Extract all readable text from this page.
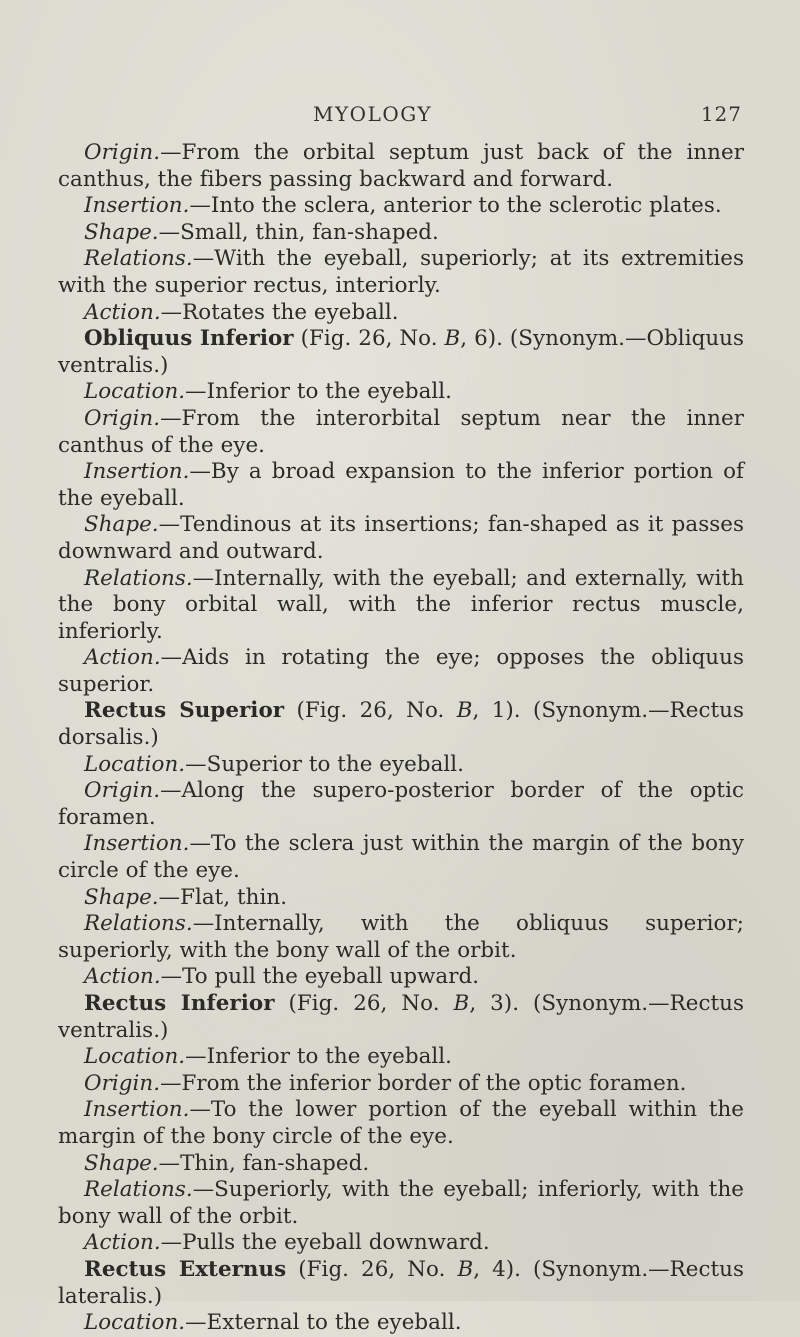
MYOLOGY	127

Origin.—From the orbital septum just back of the inner canthus, the fibers passing backward and forward.

Insertion.—Into the sclera, anterior to the sclerotic plates.

Shape.—Small, thin, fan-shaped.

Relations.—With the eyeball, superiorly; at its extremities with the superior rectus, interiorly.

Action.—Rotates the eyeball.

Obliquus Inferior (Fig. 26, No. B, 6). (Synonym.—Obliquus ventralis.)

Location.—Inferior to the eyeball.

Origin.—From the interorbital septum near the inner canthus of the eye.

Insertion.—By a broad expansion to the inferior portion of the eyeball.

Shape.—Tendinous at its insertions; fan-shaped as it passes downward and outward.

Relations.—Internally, with the eyeball; and externally, with the bony orbital wall, with the inferior rectus muscle, inferiorly.

Action.—Aids in rotating the eye; opposes the obliquus superior.

Rectus Superior (Fig. 26, No. B, 1). (Synonym.—Rectus dorsalis.)

Location.—Superior to the eyeball.

Origin.—Along the supero-posterior border of the optic foramen.

Insertion.—To the sclera just within the margin of the bony circle of the eye.

Shape.—Flat, thin.

Relations.—Internally, with the obliquus superior; superiorly, with the bony wall of the orbit.

Action.—To pull the eyeball upward.

Rectus Inferior (Fig. 26, No. B, 3). (Synonym.—Rectus ventralis.)

Location.—Inferior to the eyeball.

Origin.—From the inferior border of the optic foramen.

Insertion.—To the lower portion of the eyeball within the margin of the bony circle of the eye.

Shape.—Thin, fan-shaped.

Relations.—Superiorly, with the eyeball; inferiorly, with the bony wall of the orbit.

Action.—Pulls the eyeball downward.

Rectus Externus (Fig. 26, No. B, 4). (Synonym.—Rectus lateralis.)

Location.—External to the eyeball.
